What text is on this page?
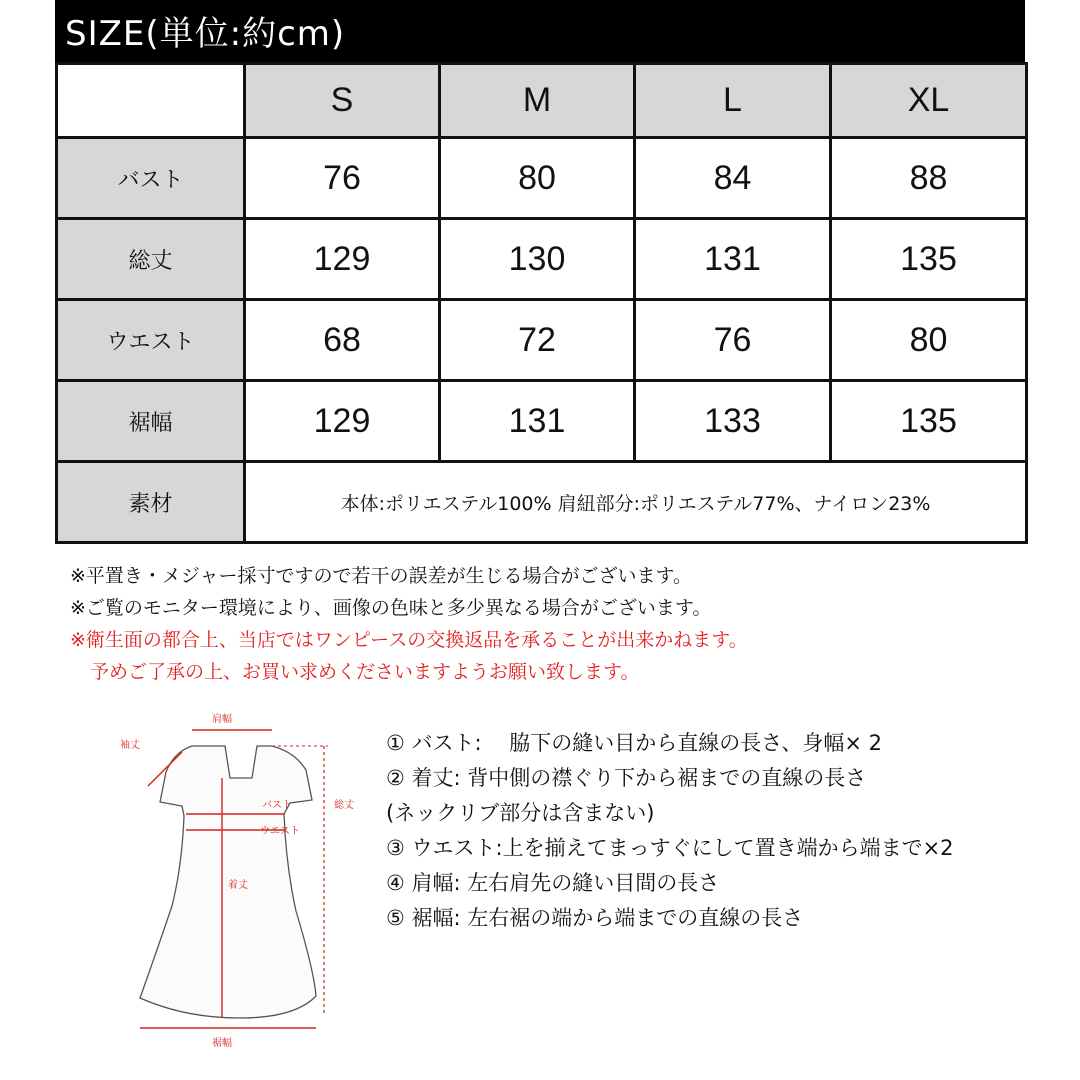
SIZE(単位:約cm)
	S	M	L	XL
バスト	76	80	84	88
総丈	129	130	131	135
ウエスト	68	72	76	80
裾幅	129	131	133	135
素材	本体:ポリエステル100% 肩紐部分:ポリエステル77%、ナイロン23%			

※平置き・メジャー採寸ですので若干の誤差が生じる場合がございます。

※ご覧のモニター環境により、画像の色味と多少異なる場合がございます。

※衛生面の都合上、当店ではワンピースの交換返品を承ることが出来かねます。

予めご了承の上、お買い求めくださいますようお願い致します。

肩幅
袖丈
バスト
ウエスト
着丈
総丈
裾幅

① バスト:　 脇下の縫い目から直線の長さ、身幅× 2

② 着丈: 背中側の襟ぐり下から裾までの直線の長さ

(ネックリブ部分は含まない)

③ ウエスト:上を揃えてまっすぐにして置き端から端まで×2

④ 肩幅: 左右肩先の縫い目間の長さ

⑤ 裾幅: 左右裾の端から端までの直線の長さ
